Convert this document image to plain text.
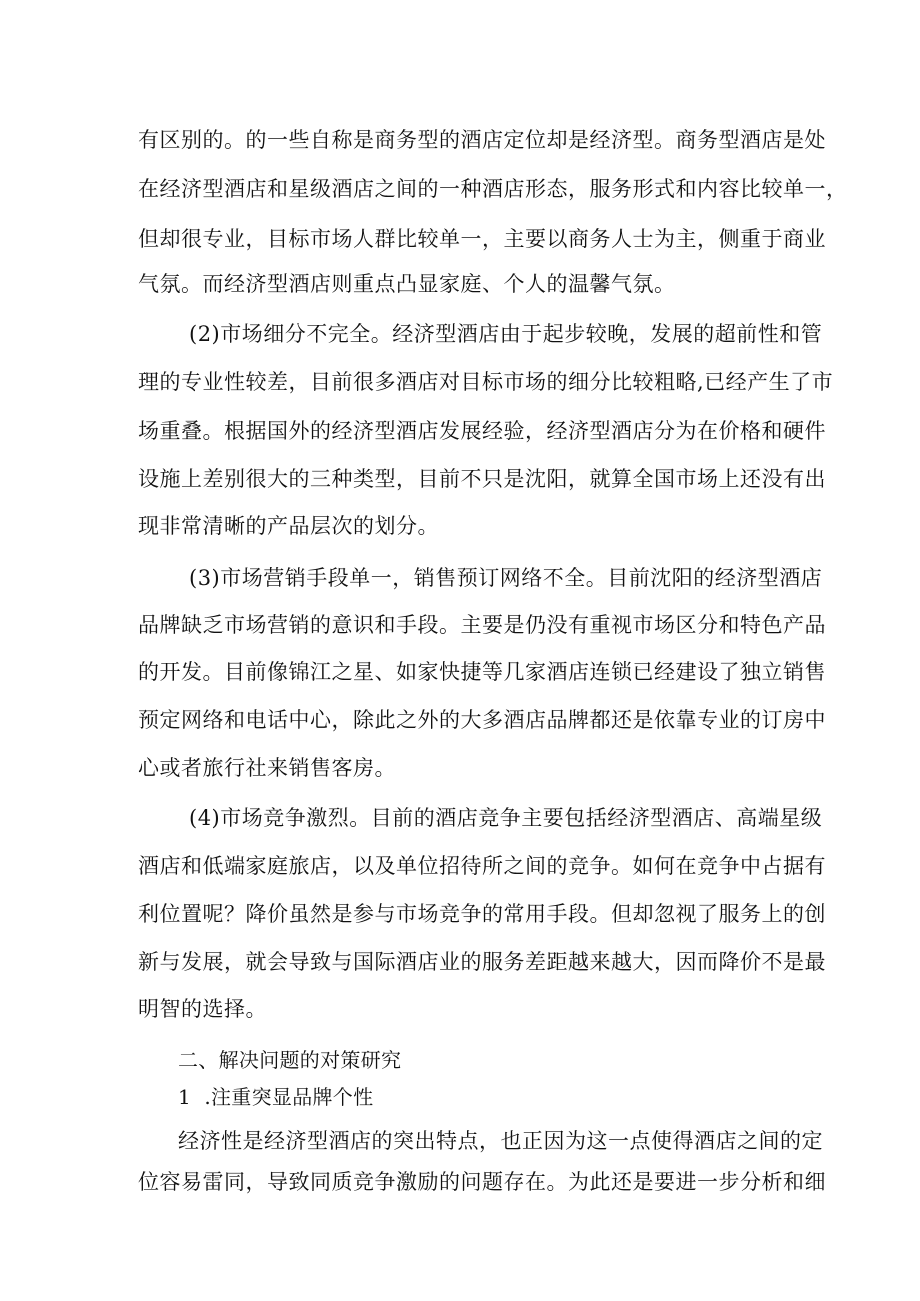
有区别的。的一些自称是商务型的酒店定位却是经济型。商务型酒店是处
在经济型酒店和星级酒店之间的一种酒店形态，服务形式和内容比较单一，
但却很专业，目标市场人群比较单一，主要以商务人士为主，侧重于商业
气氛。而经济型酒店则重点凸显家庭、个人的温馨气氛。
(2)市场细分不完全。经济型酒店由于起步较晚，发展的超前性和管
理的专业性较差，目前很多酒店对目标市场的细分比较粗略,已经产生了市
场重叠。根据国外的经济型酒店发展经验，经济型酒店分为在价格和硬件
设施上差别很大的三种类型，目前不只是沈阳，就算全国市场上还没有出
现非常清晰的产品层次的划分。
(3)市场营销手段单一，销售预订网络不全。目前沈阳的经济型酒店
品牌缺乏市场营销的意识和手段。主要是仍没有重视市场区分和特色产品
的开发。目前像锦江之星、如家快捷等几家酒店连锁已经建设了独立销售
预定网络和电话中心，除此之外的大多酒店品牌都还是依靠专业的订房中
心或者旅行社来销售客房。
(4)市场竞争激烈。目前的酒店竞争主要包括经济型酒店、高端星级
酒店和低端家庭旅店，以及单位招待所之间的竞争。如何在竞争中占据有
利位置呢？降价虽然是参与市场竞争的常用手段。但却忽视了服务上的创
新与发展，就会导致与国际酒店业的服务差距越来越大，因而降价不是最
明智的选择。
二、解决问题的对策研究
1  .注重突显品牌个性
经济性是经济型酒店的突出特点，也正因为这一点使得酒店之间的定
位容易雷同，导致同质竞争激励的问题存在。为此还是要进一步分析和细
